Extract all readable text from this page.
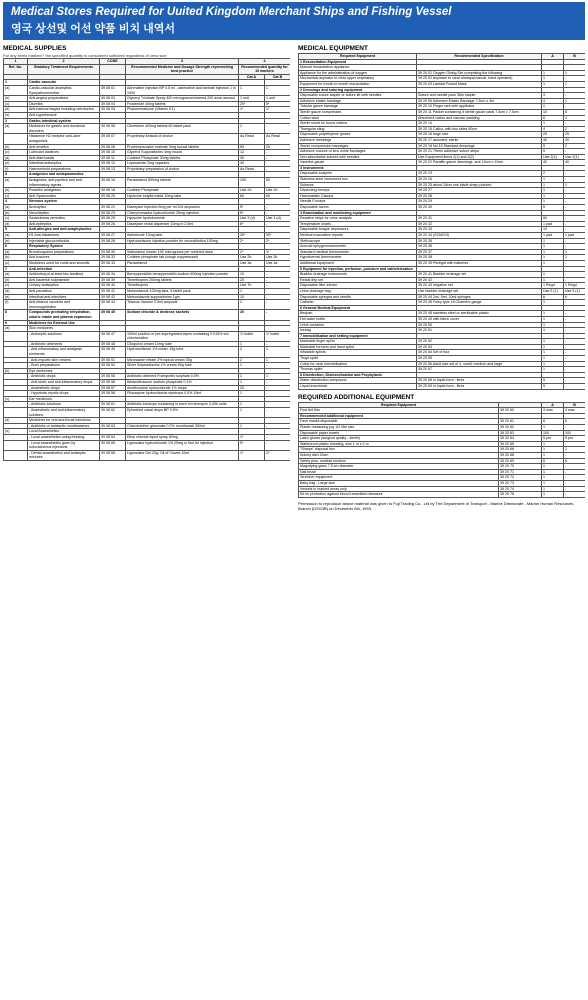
Medical Stores Required for Uuited Kingdom Merchant Ships and Fishing Vessel
영국 상선및 어선 약품 비치 내역서
MEDICAL SUPPLIES
For any items marked * the specified quantity is considered sufficient regardless of crew size
1	2	CODE	3	4	
Ref. No.	Statutory Treatment Requirements		Recommended Medicine and Dosage Strength representing best practice	Recommended quantity for 10 workers	
				Cat A	Cat B
1	Cardio vascular				
(a)	Cardio-vascular analeptics-Sympathomimetics	39 08 01	Adrenaline injection BP 0.5 ml - adrenaline acid tartrate injection 1 in 1000	1	1
(b)	Anti-angina preparations	39 08 03	Glyceryl Trinitrate Spray 400 micrograms/metered 200 dose aerosol	1 unit	1 unit
(c)	Diuretics	39 08 04	Frusemide 40mg tablets	20*	5*
(d)	Anti-haemorrhagics including uterotonics	39 08 05	Phytomenadione (Vitamin K1)	1*	1*
(e)	Anti-hypertensive				
2	Gastro-intestinal system				
(a)	Medicines for gastric and duodenal disorders	39 08 06	Cimetidine 400mg tablets 60 tablet pack	1	-
	Histamine H2 receptor anti-ulcer antagonists	39 08 07	Proprietary Antacid of choice	As Read	As Read
(b)	Anti-emetics	39 08 08	Prochlorperazine maleate 3mg buccal tablets	50	20
(c)	Lubricant laxatives	39 08 10	Glycerol Suppositories 4mg mould	12	-
(d)	Anti-diarrhoeals	39 08 11	Codeine Phosphate 30mg tablets	30	-
(e)	Intestinal antiseptics	39 08 12	Loperamide 2mg capsules	30	-
(f)	Haemorrhoid preparations	39 08 13	Proprietary preparation of choice	As Read	-
3	Analgesics and antispasmodics				
(a)	Analgesics, anti-pyretics and anti-inflammatory agents	39 08 16	Paracetamol 500mg tablets	100	50
(b)	Powerful analgesics	39 08 18	Codeine Phosphate	Use 2d	Use 2d
(c)	Anti-Spasmodics	39 08 20	Hyoscine butylbromide 10mg tabs	60	60
4	Nervous system				
(a)	Anxiolytics	39 08 21	Diazepam Injection 5mg per ml 2ml ampoules	5*	-
(b)	Neuroleptics	39 08 23	Chlorpromazine hydrochloride 25mg injection	5*	-
(c)	Seasickness remedies	39 08 25	Hyoscine hydrobromide	Use 3 (d)	Use 3 (d)
(d)	Anti-epileptics	39 08 26	Diazepam rectal dispenser 10mg in 2.5ml	6*	-
5	Anti-allergics and anti-anaphylactics				
(a)	H1 Anti-histamines	39 08 27	Astemizole 10mg tabs	30*	30*
(b)	Injectable glucocorticoids	39 08 28	Hydrocortisone injection powder for reconstitution 100mg	2*	2*
6	Respiratory System				
(a)	Bronchospasm preparations	39 08 30	Salbutamol inhaler 100 micrograms per metered dose	2*	1*
(b)	Anti-tussives	39 08 32	Codeine phosphate tab (cough suppressant)	Use 2b	Use 2b
(c)	Medicines used for colds and sinusitis	39 08 33	Paracetamol	Use 3a	Use 3a
7	Anti-infection				
(a)	Antibiotics(of at least two families)	39 08 34	Benzylpenicillin benzylpenicillin sodium 600mg injection powder	10	-
(b)	Anti-bacterial sulphamide	39 08 39	Trimethoprim 200mg tablets	20	-
(c)	Urinary antiseptics	39 08 40	Trimethoprim	Use 7b	-
(d)	Anti-parasitics	39 08 41	Mebendazole 100mg tabs, 6 tablet pack	1	-
(e)	Intestinal anti-infectives	39 08 42	Metronidazole suppositories 1gm	10	-
(f)	Anti-tetanus vaccines and immunoglobulins	39 08 44	Tetanus Vaccine 0.5ml ampoule	2	-
8	Compounds promoting rehydration, caloric intake and plasma expansion	39 08 45	Sodium chloride & dextrose sachets	20	-
9	Medicines for External Use				
(a)	Skin medicines				
	- Antiseptic solutions	39 08 47	100ml solution or pre-impregnated wipes containing 0.015% w/v chlorhexidine	1* bottle	1* bottle
	- Antibiotic ointments	39 08 48	Clioquinol cream 10mg tube	1	-
	- Anti-inflammatory and analgesic ointments	39 08 49	Hydrocortisone 1% cream 15g tube	2	1
	- Anti-mycotic skin creams	39 08 51	Miconazole nitrate 2% topical cream 30g	2	1
	- Burn preparations	39 08 52	Silver Sulphadiazine 1% cream 50g tube	1	-
(b)	Eye medicines				
	- Antibiotic drops	39 08 55	Antibiotic ointment Framycetin sulphate 0.5%	1	1
	- Anti-biotic and anti-inflammatory drops	39 08 56	Betamethasone sodium phosphate 0.1%	1	-
	- Anaesthetic drops	39 08 57	Amethocaine hydrochloride 1% drops	20	-
	- Hypotonic myotic drops	39 08 58	Pilocarpine hydrochloride eyedrops 0.5% 10ml	1	-
(c)	Ear medicines				
	- Antibiotic solutions	39 08 61	Antibiotic eardrops containing in each ml neomycin 3,400 units	1	-
	- Anaesthetic and anti-inflammatory solutions	39 08 62	Ephedrine nasal drops BP 0.5%	1	-
(d)	Medicines for oral and throat infections				
	- Antibiotic or antiseptic mouthwashes	39 08 63	Chlorhexidine gluconate 0.2% mouthwash 300ml	1	-
(e)	Local Anaesthetics				
	- Local anaesthetics using freezing	39 08 64	Ethyl chloride liquid spray 50mg	1*	-
	- Local anaesthetics given by subcutaneous injections	39 08 65	Lignocaine hydrochloride 1% 25mg in 5ml for injection	5*	-
	- Dental anaesthetics and antiseptic mixtures	39 08 66	Lignocaine Gel 20g; Oil of Cloves 10ml	1*	1*
MEDICAL EQUIPMENT
Required Equipment	Recommended Specification	A	B
1 Resuscitation Equipment			
Manual resuscitation appliance			
Appliance for the administration of oxygen	39 20 01 Oxygen Giving Set comprising the following	1	1
Mechanical aspirator to clear upper respiratory	39 20 02 Aspirator to clear airways(manual, hand operated)	1	-
Equipment for mouth to mouth resuscitation	39 20 03 Laerdal Pocket Mask	1	1
2 Dressings and suturing equipment			
Disposable suture stapler or suture kit with needles	Suture and needle pack Skin stapler	3	-
Adhesive elastic bandage	39 20 09 Adhesive Elastic Bandage 7.5cm x 4m	4	1
Tubular gauze bandage	39 20 10 Finger size with applicator	1	-
Sterile gauze compresses	39 20 11 Packet containing 5 sterile gauze pads 7.5cm x 7.5cm	10	5
Cotton wool	Absorbent cotton and viscose wadding	6	1
Sterile sheet for burns victims	39 20 14	1	-
Triangular sling	39 20 15 Calico, with two sides 90cm	4	2
Disposable polyethylene gloves	39 20 16 large size	25	25
Adhesive dressings	39 20 17 assorted, sterile	40	40
Sterile compression bandages	39 20 18 No.15 Standard dressings	5	2
Adhesive sutures or zinc oxide bandages	39 20 21 75mm adhesive suture strips	5	-
Non-absorbable sutures with needles	Use Equipment items 2(1) and 2(2)	Use 2(1)	Use 2(1)
Vaseline gauze	39 20 22 Paraffin gauze dressings, size 10cm x 10cm	40	40
3 Instruments			
Disposable scalpels	39 20 23	2	-
Stainless steel instrument box	39 20 24	1	-
Scissors	39 20 25 about 18cm one blade sharp pointed	1	1
Dissecting forceps	39 20 27	1	-
Haemostatic Clamps	39 20 28	1	-
Needle Forceps	39 20 29	1	-
Disposable razors	39 20 30	5	-
4 Examination and monitoring equipment			
Reactive strips for urine analysis	39 20 31	50	-
Temperature charts	39 20 32	1 pad	-
Disposable tongue depressors	39 20 33	10	-
Medical evacuation reports	39 20 34 (SCMG/3)	1 pad	1 pad
Stethoscope	39 20 35	1	-
Aneroid sphygmomanometer	39 20 36	1	-
Standard medical thermometer	39 20 37	1	1
Hypothermic thermometer	39 20 38	1	1
Additional equipment	39 20 39 Penlight with batteries	1	-
5 Equipment for injection, perfusion, puncture and catheterisation			
Bladder drainage instruments	39 20 41 Bladder drainage set	1	-
Rectal drip set	39 20 42	1	-
Disposable filter infuser	39 20 43 Irrigation set	1 Regd	1 Regd
Urine drainage bag	Use bladder drainage set	Use 5 (1)	Use 5 (1)
Disposable syringes and needle	39 20 44 2ml, 5ml, 10ml syringes	6	6
Catheter	39 20 45 Foley type 16 Charriere gauge	1	-
6 General Medical Equipment			
Bedpan	39 20 48 stainless steel or sterilisable plastic	1	-
Hot water bottle	39 20 49 with fabric cover	1	-
Urine container	39 20 50	1	-
Icebag	39 20 51	1	-
7 Immobilisation and setting equipment			
Malleable finger splint	39 20 52	1	-
Malleable forearm and hand splint	39 20 53	1	-
Inflatable splints	39 20 54 Set of four	1	-
Thigh splint	39 20 55	1	-
Collar for neck immobilisation	39 20 56 Adult size set of 3, small, medium and large	1	-
Thomas splint	39 20 57	1	-
8 Disinfection, Disinsectisation and Prophylaxis			
Water-disinfection compound	39 20 58 In liquid form - litres	5	-
Liquid insecticide	39 20 59 In liquid form - litres	5	-
REQUIRED ADDITIONAL EQUIPMENT
Required Equipment		A	B
First Aid Kits	39 20 60	3 max	3 max
Recommended additional equipment			
Face masks disposable	39 20 61	6	6
Plastic measuring jug 1/2 litre size	39 20 62	1	-
Disposable paper towels	39 20 63	100	100
Latex gloves (surgical quality - sterile)	39 20 64	5 prs	5 prs
Waterproof plastic sheeting, size 1 m x 2 m	39 20 65	1	-
"Sharps" disposal box	39 20 66	1	1
Kidney dish 20cm	39 20 68	1	-
Safety pins, rustless medium	39 20 69	6	6
Magnifying glass 7.5 cm diameter	39 20 70	1	-
Nail brush	39 20 71	1	-
Stretcher equipment	39 20 72	1	-
Baby bag - Large size	39 20 73	1	-
Vessels in marked areas only	39 20 74	1	-
Kit for protection against blood transmitted diseases	39 20 76	1	-
Permission to reproduce above material was given to Fuji Trading Co., Ltd by The Department of Transport - Marine Directorate - Marine Human Resources Branch (DSG3B) on December 6th, 1993.
